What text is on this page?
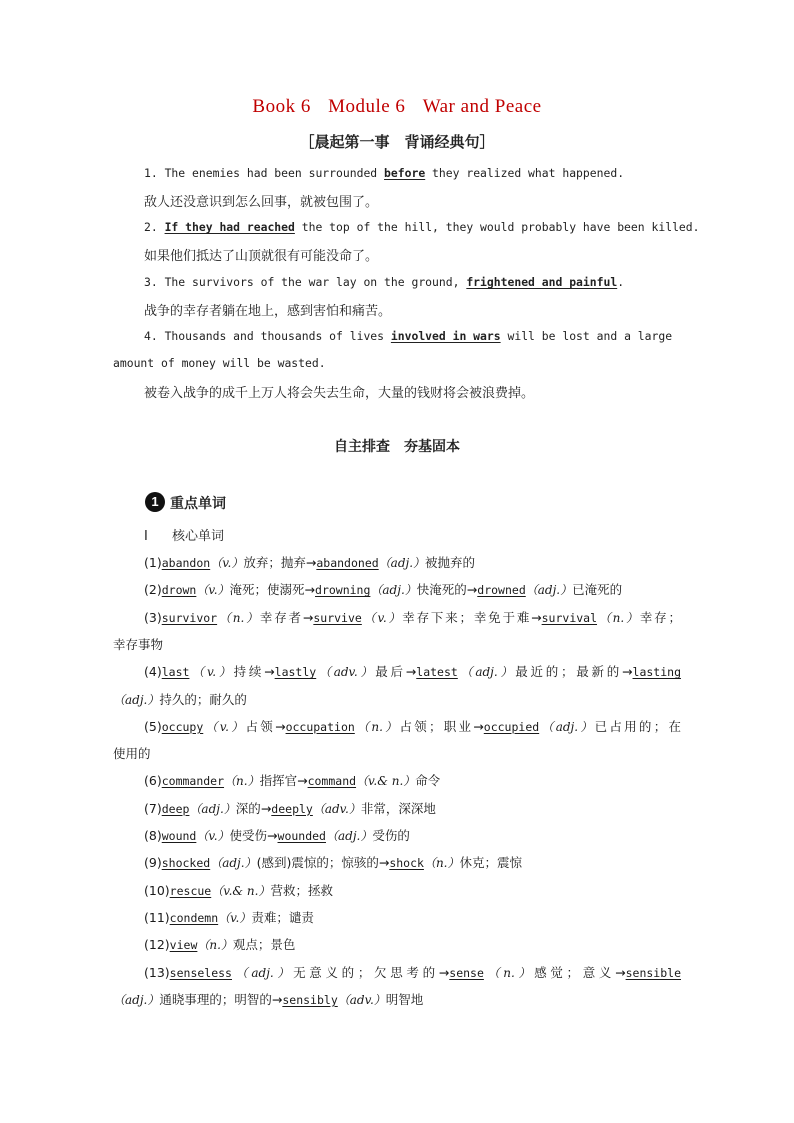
Book 6 Module 6 War and Peace
［晨起第一事　背诵经典句］
1. The enemies had been surrounded before they realized what happened.
敌人还没意识到怎么回事，就被包围了。
2. If they had reached the top of the hill, they would probably have been killed.
如果他们抵达了山顶就很有可能没命了。
3. The survivors of the war lay on the ground, frightened and painful.
战争的幸存者躺在地上，感到害怕和痛苦。
4. Thousands and thousands of lives involved in wars will be lost and a large
amount of money will be wasted.
被卷入战争的成千上万人将会失去生命，大量的钱财将会被浪费掉。
自主排查　夯基固本
1 重点单词
Ⅰ 核心单词
(1)abandon（v.）放弃；抛弃→abandoned（adj.）被抛弃的
(2)drown（v.）淹死；使溺死→drowning（adj.）快淹死的→drowned（adj.）已淹死的
(3)survivor（n.）幸存者→survive（v.）幸存下来；幸免于难→survival（n.）幸存；
幸存事物
(4)last（v.）持续→lastly（adv.）最后→latest（adj.）最近的；最新的→lasting
（adj.）持久的；耐久的
(5)occupy（v.）占领→occupation（n.）占领；职业→occupied（adj.）已占用的；在
使用的
(6)commander（n.）指挥官→command（v.& n.）命令
(7)deep（adj.）深的→deeply（adv.）非常，深深地
(8)wound（v.）使受伤→wounded（adj.）受伤的
(9)shocked（adj.）(感到)震惊的；惊骇的→shock（n.）休克；震惊
(10)rescue（v.& n.）营救；拯救
(11)condemn（v.）责难；谴责
(12)view（n.）观点；景色
(13)senseless（adj.）无意义的；欠思考的→sense（n.）感觉；意义→sensible
（adj.）通晓事理的；明智的→sensibly（adv.）明智地
